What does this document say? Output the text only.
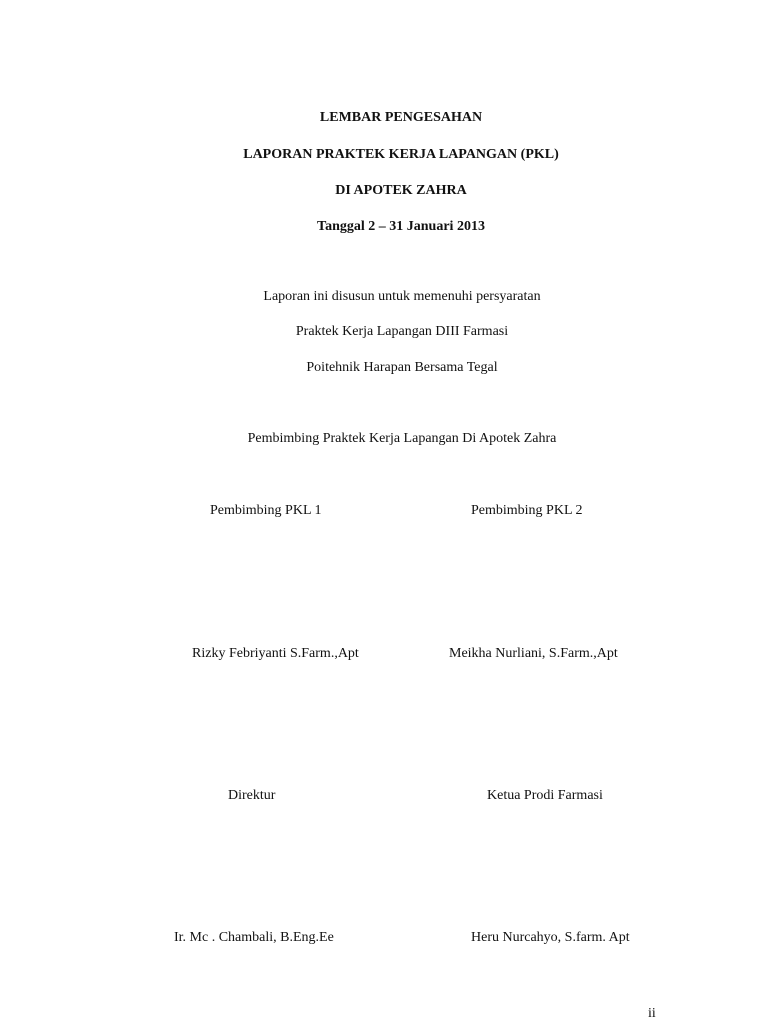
LEMBAR PENGESAHAN
LAPORAN PRAKTEK KERJA LAPANGAN (PKL)
DI APOTEK ZAHRA
Tanggal 2 – 31 Januari 2013
Laporan ini disusun untuk memenuhi persyaratan
Praktek Kerja Lapangan DIII Farmasi
Poitehnik Harapan Bersama Tegal
Pembimbing Praktek Kerja Lapangan Di Apotek Zahra
Pembimbing PKL 1	Pembimbing PKL 2
Rizky Febriyanti S.Farm.,Apt	Meikha Nurliani, S.Farm.,Apt
Direktur	Ketua Prodi Farmasi
Ir. Mc . Chambali, B.Eng.Ee	Heru Nurcahyo, S.farm. Apt
ii
